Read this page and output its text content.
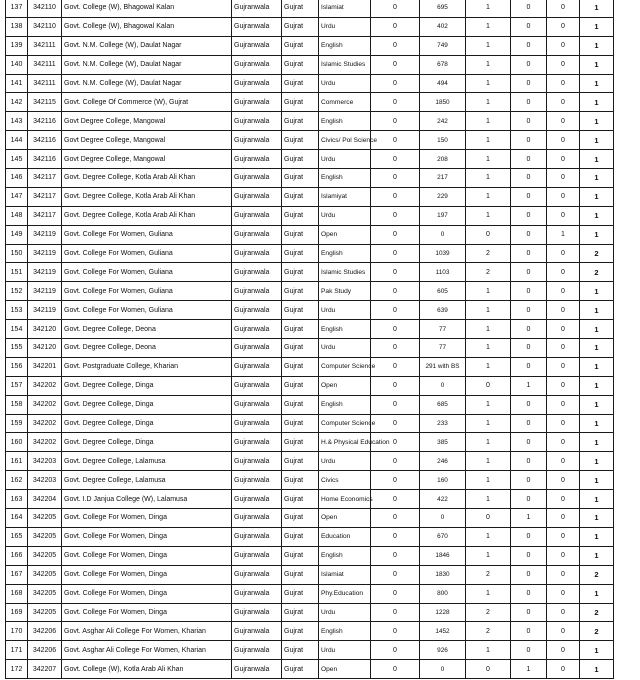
137	342110	Govt. College (W), Bhagowal Kalan	Gujranwala	Gujrat	Islamiat	0	695	1	0	0	1
138	342110	Govt. College (W), Bhagowal Kalan	Gujranwala	Gujrat	Urdu	0	402	1	0	0	1
139	342111	Govt. N.M. College (W), Daulat Nagar	Gujranwala	Gujrat	English	0	749	1	0	0	1
140	342111	Govt. N.M. College (W), Daulat Nagar	Gujranwala	Gujrat	Islamic Studies	0	678	1	0	0	1
141	342111	Govt. N.M. College (W), Daulat Nagar	Gujranwala	Gujrat	Urdu	0	494	1	0	0	1
142	342115	Govt. College Of Commerce (W), Gujrat	Gujranwala	Gujrat	Commerce	0	1850	1	0	0	1
143	342116	Govt Degree College, Mangowal	Gujranwala	Gujrat	English	0	242	1	0	0	1
144	342116	Govt Degree College, Mangowal	Gujranwala	Gujrat	Civics/ Pol Science	0	150	1	0	0	1
145	342116	Govt Degree College, Mangowal	Gujranwala	Gujrat	Urdu	0	208	1	0	0	1
146	342117	Govt. Degree College, Kotla Arab Ali Khan	Gujranwala	Gujrat	English	0	217	1	0	0	1
147	342117	Govt. Degree College, Kotla Arab Ali Khan	Gujranwala	Gujrat	Islamiyat	0	229	1	0	0	1
148	342117	Govt. Degree College, Kotla Arab Ali Khan	Gujranwala	Gujrat	Urdu	0	197	1	0	0	1
149	342119	Govt. College For Women, Guliana	Gujranwala	Gujrat	Open	0	0	0	0	1	1
150	342119	Govt. College For Women, Guliana	Gujranwala	Gujrat	English	0	1039	2	0	0	2
151	342119	Govt. College For Women, Guliana	Gujranwala	Gujrat	Islamic Studies	0	1103	2	0	0	2
152	342119	Govt. College For Women, Guliana	Gujranwala	Gujrat	Pak Study	0	605	1	0	0	1
153	342119	Govt. College For Women, Guliana	Gujranwala	Gujrat	Urdu	0	639	1	0	0	1
154	342120	Govt. Degree College, Deona	Gujranwala	Gujrat	English	0	77	1	0	0	1
155	342120	Govt. Degree College, Deona	Gujranwala	Gujrat	Urdu	0	77	1	0	0	1
156	342201	Govt. Postgraduate College, Kharian	Gujranwala	Gujrat	Computer Science	0	291 with BS	1	0	0	1
157	342202	Govt. Degree College, Dinga	Gujranwala	Gujrat	Open	0	0	0	1	0	1
158	342202	Govt. Degree College, Dinga	Gujranwala	Gujrat	English	0	685	1	0	0	1
159	342202	Govt. Degree College, Dinga	Gujranwala	Gujrat	Computer Science	0	233	1	0	0	1
160	342202	Govt. Degree College, Dinga	Gujranwala	Gujrat	H.& Physical Education	0	385	1	0	0	1
161	342203	Govt. Degree College, Lalamusa	Gujranwala	Gujrat	Urdu	0	246	1	0	0	1
162	342203	Govt. Degree College, Lalamusa	Gujranwala	Gujrat	Civics	0	160	1	0	0	1
163	342204	Govt. I.D Janjua College (W), Lalamusa	Gujranwala	Gujrat	Home Economics	0	422	1	0	0	1
164	342205	Govt. College For Women, Dinga	Gujranwala	Gujrat	Open	0	0	0	1	0	1
165	342205	Govt. College For Women, Dinga	Gujranwala	Gujrat	Education	0	670	1	0	0	1
166	342205	Govt. College For Women, Dinga	Gujranwala	Gujrat	English	0	1846	1	0	0	1
167	342205	Govt. College For Women, Dinga	Gujranwala	Gujrat	Islamiat	0	1830	2	0	0	2
168	342205	Govt. College For Women, Dinga	Gujranwala	Gujrat	Phy.Education	0	800	1	0	0	1
169	342205	Govt. College For Women, Dinga	Gujranwala	Gujrat	Urdu	0	1228	2	0	0	2
170	342206	Govt. Asghar Ali College For Women, Kharian	Gujranwala	Gujrat	English	0	1452	2	0	0	2
171	342206	Govt. Asghar Ali College For Women, Kharian	Gujranwala	Gujrat	Urdu	0	926	1	0	0	1
172	342207	Govt. College (W), Kotla Arab Ali Khan	Gujranwala	Gujrat	Open	0	0	0	1	0	1
